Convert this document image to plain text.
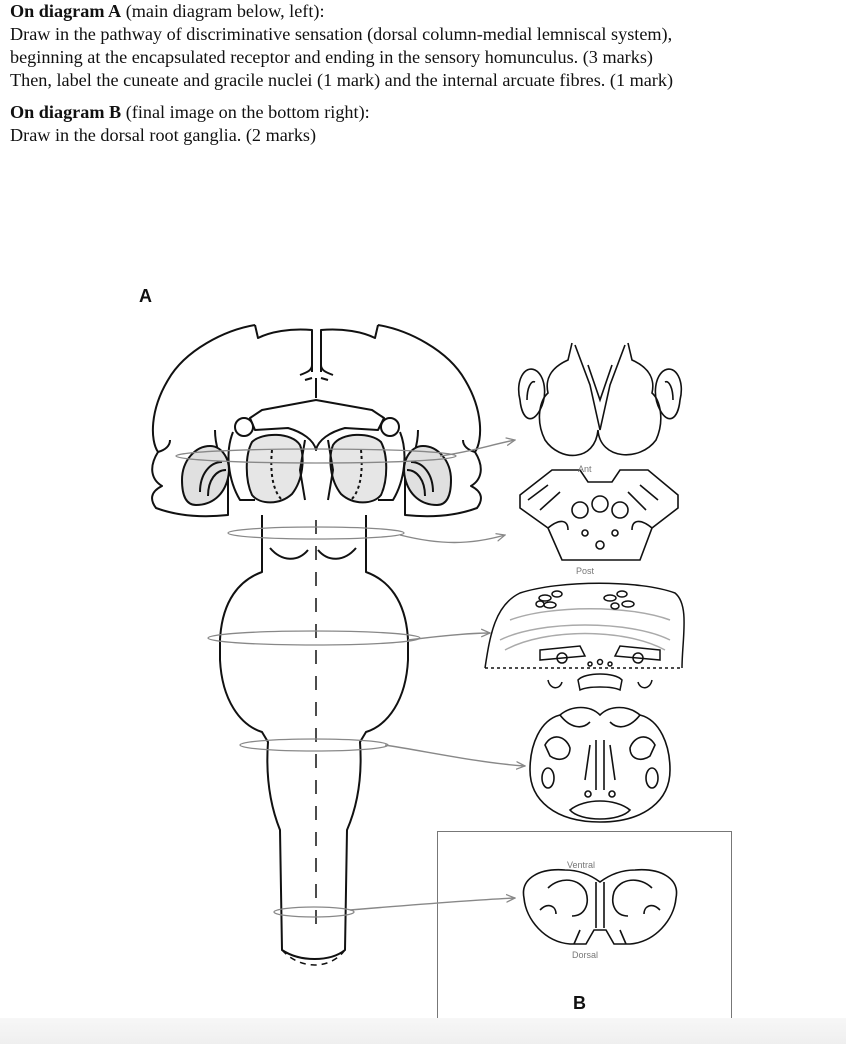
On diagram A (main diagram below, left):

Draw in the pathway of discriminative sensation (dorsal column-medial lemniscal system),

beginning at the encapsulated receptor and ending in the sensory homunculus. (3 marks)

Then, label the cuneate and gracile nuclei (1 mark) and the internal arcuate fibres. (1 mark)

On diagram B (final image on the bottom right):

Draw in the dorsal root ganglia. (2 marks)

A
B
Ant
Post
Ventral
Dorsal
